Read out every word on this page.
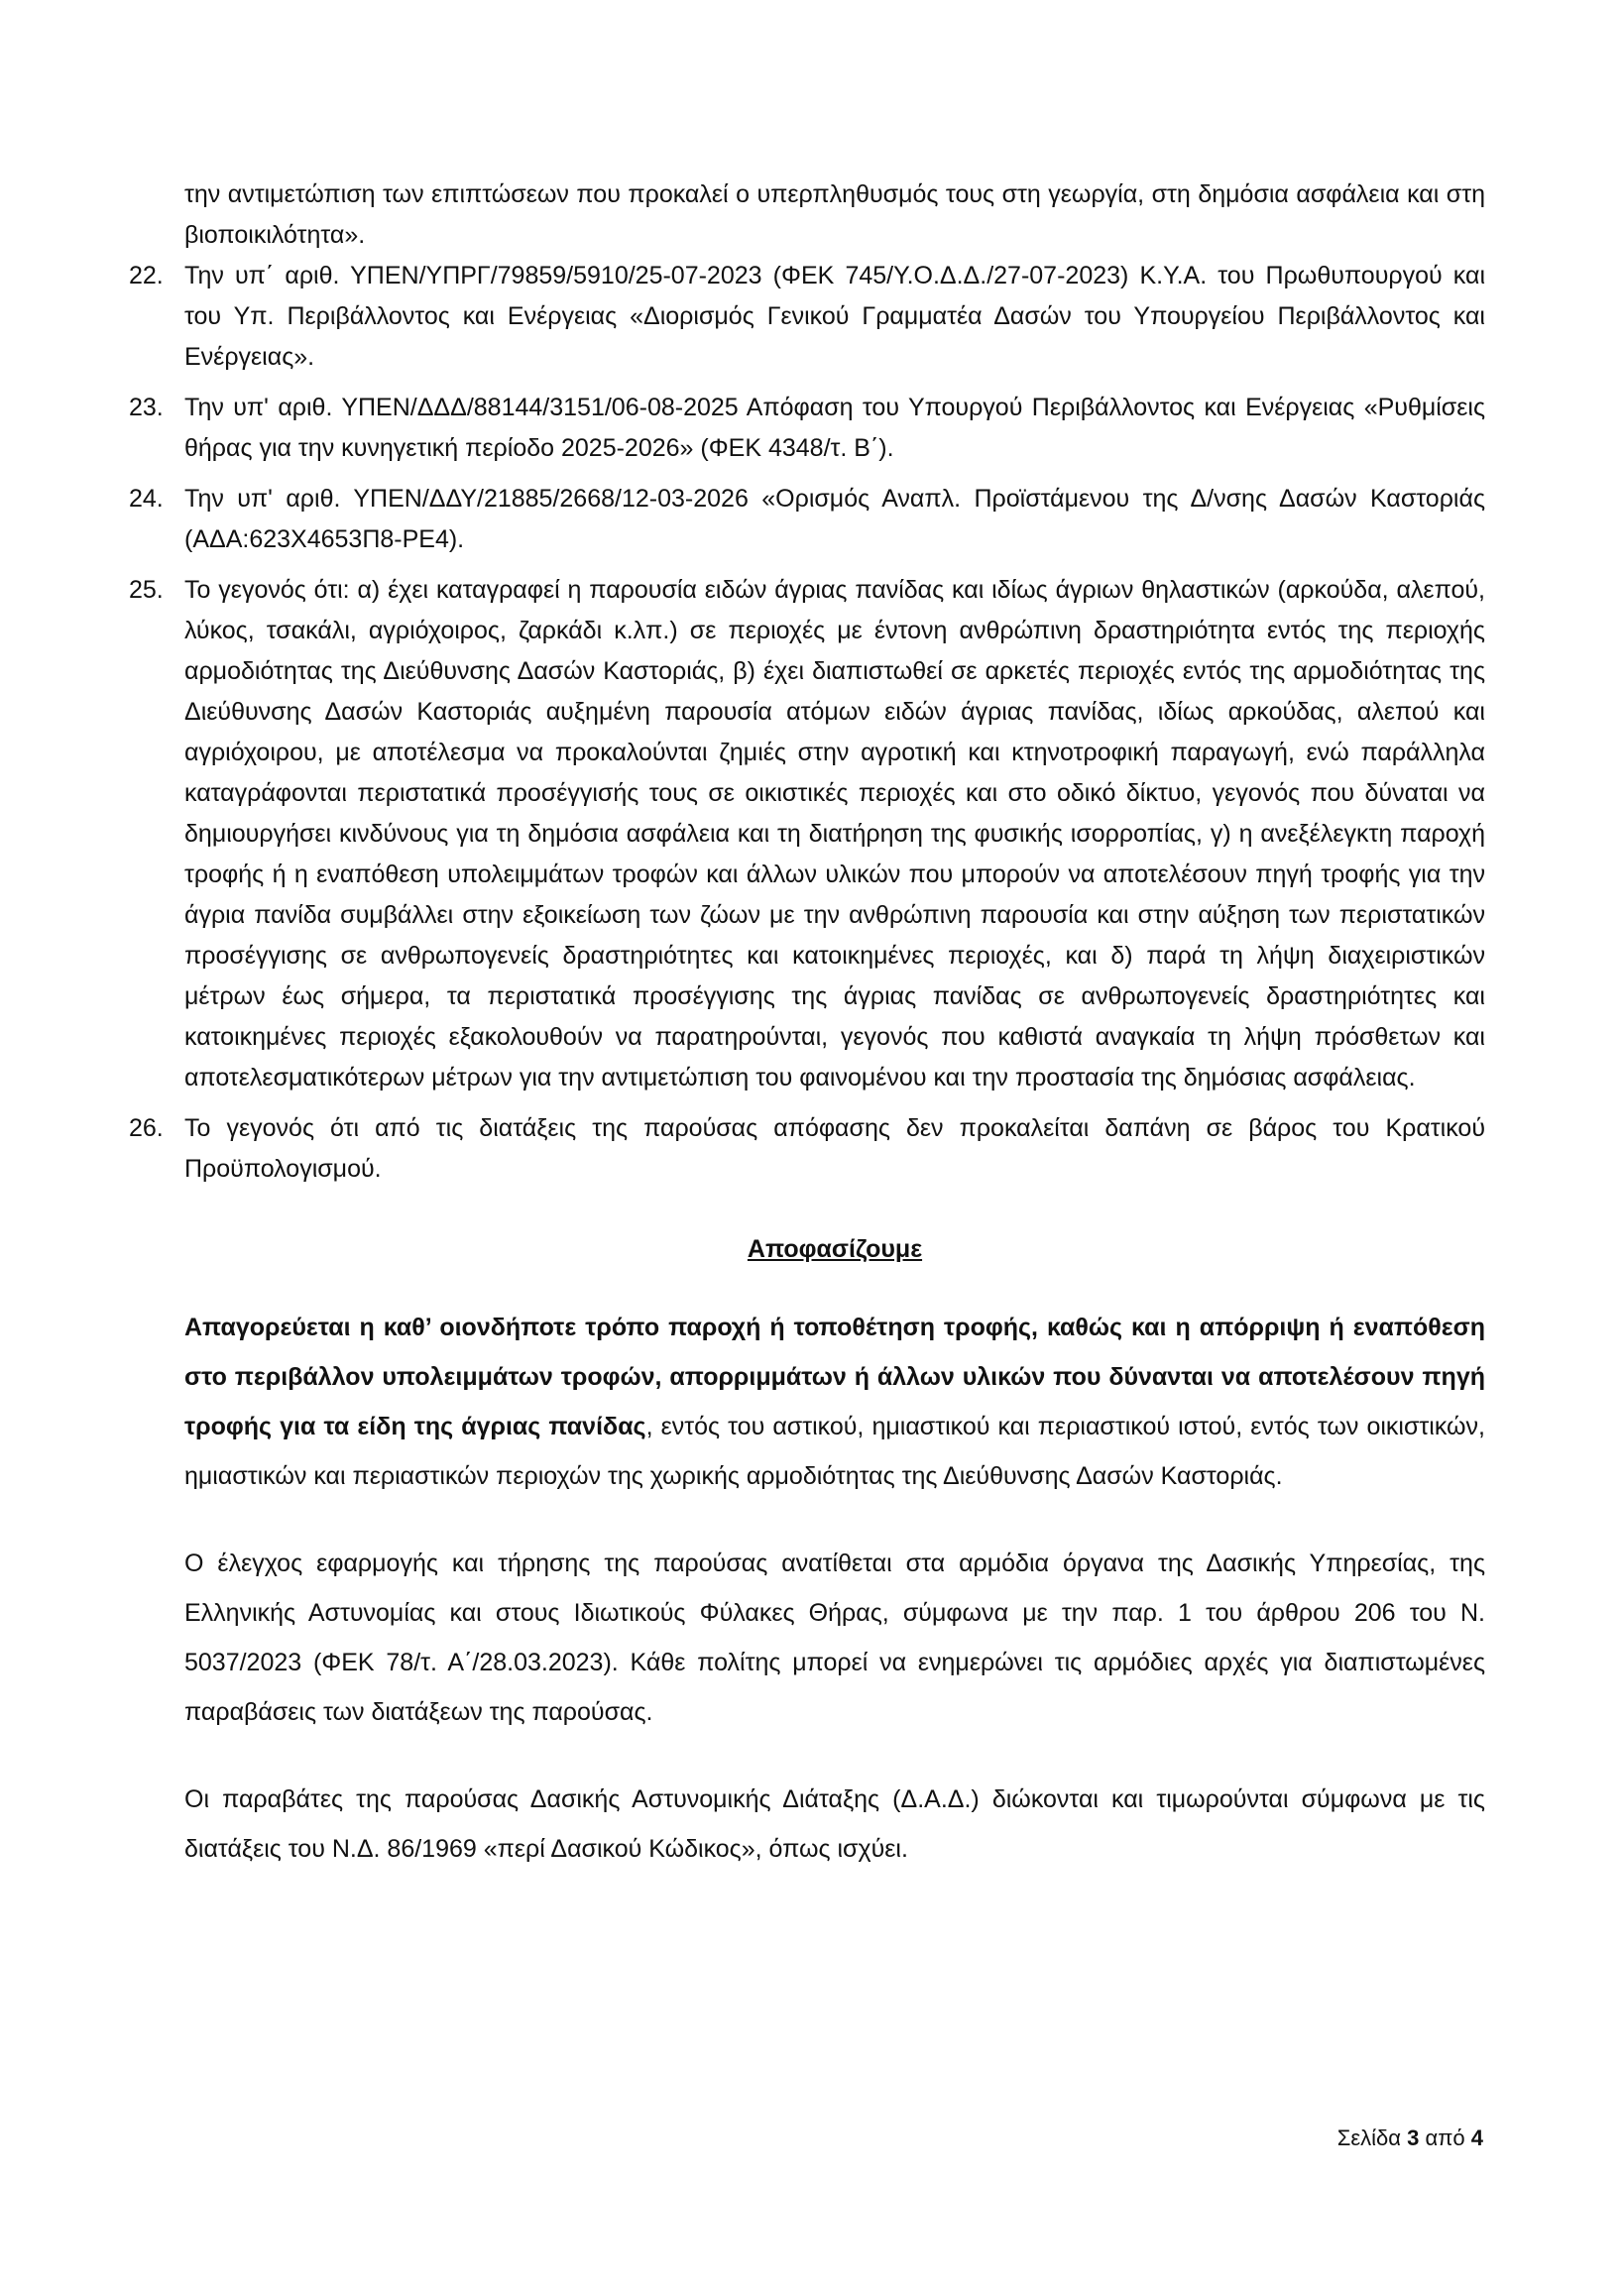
την αντιμετώπιση των επιπτώσεων που προκαλεί ο υπερπληθυσμός τους στη γεωργία, στη δημόσια ασφάλεια και στη βιοποικιλότητα».

22. Την υπ΄ αριθ. ΥΠΕΝ/ΥΠΡΓ/79859/5910/25-07-2023 (ΦΕΚ 745/Υ.Ο.Δ.Δ./27-07-2023) Κ.Υ.Α. του Πρωθυπουργού και του Υπ. Περιβάλλοντος και Ενέργειας «Διορισμός Γενικού Γραμματέα Δασών του Υπουργείου Περιβάλλοντος και Ενέργειας».
23. Την υπ' αριθ. ΥΠΕΝ/ΔΔΔ/88144/3151/06-08-2025 Απόφαση του Υπουργού Περιβάλλοντος και Ενέργειας «Ρυθμίσεις θήρας για την κυνηγετική περίοδο 2025-2026» (ΦΕΚ 4348/τ. Β΄).
24. Την υπ' αριθ. ΥΠΕΝ/ΔΔΥ/21885/2668/12-03-2026 «Ορισμός Αναπλ. Προϊστάμενου της Δ/νσης Δασών Καστοριάς (ΑΔΑ:623Χ4653Π8-ΡΕ4).
25. Το γεγονός ότι: α) έχει καταγραφεί η παρουσία ειδών άγριας πανίδας και ιδίως άγριων θηλαστικών (αρκούδα, αλεπού, λύκος, τσακάλι, αγριόχοιρος, ζαρκάδι κ.λπ.) σε περιοχές με έντονη ανθρώπινη δραστηριότητα εντός της περιοχής αρμοδιότητας της Διεύθυνσης Δασών Καστοριάς, β) έχει διαπιστωθεί σε αρκετές περιοχές εντός της αρμοδιότητας της Διεύθυνσης Δασών Καστοριάς αυξημένη παρουσία ατόμων ειδών άγριας πανίδας, ιδίως αρκούδας, αλεπού και αγριόχοιρου, με αποτέλεσμα να προκαλούνται ζημιές στην αγροτική και κτηνοτροφική παραγωγή, ενώ παράλληλα καταγράφονται περιστατικά προσέγγισής τους σε οικιστικές περιοχές και στο οδικό δίκτυο, γεγονός που δύναται να δημιουργήσει κινδύνους για τη δημόσια ασφάλεια και τη διατήρηση της φυσικής ισορροπίας, γ) η ανεξέλεγκτη παροχή τροφής ή η εναπόθεση υπολειμμάτων τροφών και άλλων υλικών που μπορούν να αποτελέσουν πηγή τροφής για την άγρια πανίδα συμβάλλει στην εξοικείωση των ζώων με την ανθρώπινη παρουσία και στην αύξηση των περιστατικών προσέγγισης σε ανθρωπογενείς δραστηριότητες και κατοικημένες περιοχές, και δ) παρά τη λήψη διαχειριστικών μέτρων έως σήμερα, τα περιστατικά προσέγγισης της άγριας πανίδας σε ανθρωπογενείς δραστηριότητες και κατοικημένες περιοχές εξακολουθούν να παρατηρούνται, γεγονός που καθιστά αναγκαία τη λήψη πρόσθετων και αποτελεσματικότερων μέτρων για την αντιμετώπιση του φαινομένου και την προστασία της δημόσιας ασφάλειας.
26. Το γεγονός ότι από τις διατάξεις της παρούσας απόφασης δεν προκαλείται δαπάνη σε βάρος του Κρατικού Προϋπολογισμού.
Αποφασίζουμε

Απαγορεύεται η καθ’ οιονδήποτε τρόπο παροχή ή τοποθέτηση τροφής, καθώς και η απόρριψη ή εναπόθεση στο περιβάλλον υπολειμμάτων τροφών, απορριμμάτων ή άλλων υλικών που δύνανται να αποτελέσουν πηγή τροφής για τα είδη της άγριας πανίδας, εντός του αστικού, ημιαστικού και περιαστικού ιστού, εντός των οικιστικών, ημιαστικών και περιαστικών περιοχών της χωρικής αρμοδιότητας της Διεύθυνσης Δασών Καστοριάς.

Ο έλεγχος εφαρμογής και τήρησης της παρούσας ανατίθεται στα αρμόδια όργανα της Δασικής Υπηρεσίας, της Ελληνικής Αστυνομίας και στους Ιδιωτικούς Φύλακες Θήρας, σύμφωνα με την παρ. 1 του άρθρου 206 του Ν. 5037/2023 (ΦΕΚ 78/τ. Α΄/28.03.2023). Κάθε πολίτης μπορεί να ενημερώνει τις αρμόδιες αρχές για διαπιστωμένες παραβάσεις των διατάξεων της παρούσας.

Οι παραβάτες της παρούσας Δασικής Αστυνομικής Διάταξης (Δ.Α.Δ.) διώκονται και τιμωρούνται σύμφωνα με τις διατάξεις του Ν.Δ. 86/1969 «περί Δασικού Κώδικος», όπως ισχύει.

Σελίδα 3 από 4
